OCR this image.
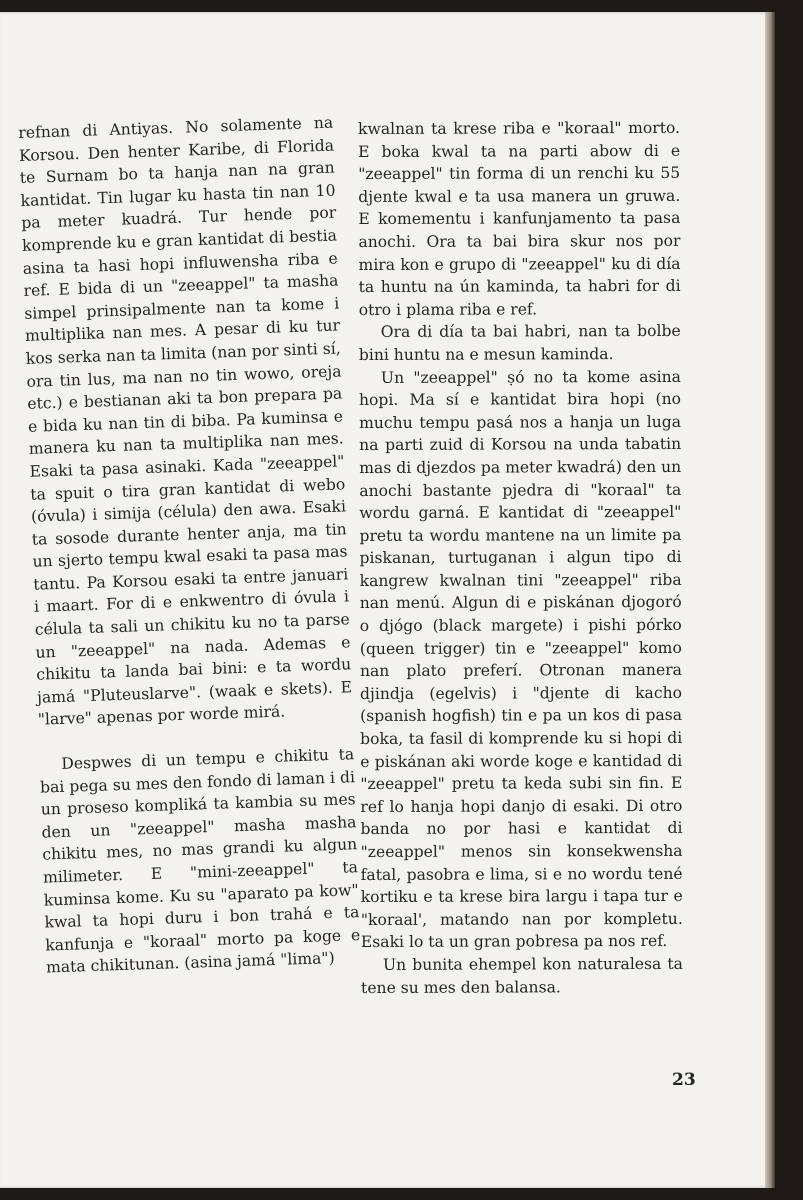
refnan di Antiyas. No solamente na Korsou. Den henter Karibe, di Florida te Surnam bo ta hanja nan na gran kantidat. Tin lugar ku hasta tin nan 10 pa meter kuadrá. Tur hende por komprende ku e gran kantidat di bestia asina ta hasi hopi influwensha riba e ref. E bida di un "zeeappel" ta masha simpel prinsipalmente nan ta kome i multiplika nan mes. A pesar di ku tur kos serka nan ta limita (nan por sinti sí, ora tin lus, ma nan no tin wowo, oreja etc.) e bestianan aki ta bon prepara pa e bida ku nan tin di biba. Pa kuminsa e manera ku nan ta multiplika nan mes. Esaki ta pasa asinaki. Kada "zeeappel" ta spuit o tira gran kantidat di webo (óvula) i simija (célula) den awa. Esaki ta sosode durante henter anja, ma tin un sjerto tempu kwal esaki ta pasa mas tantu. Pa Korsou esaki ta entre januari i maart. For di e enkwentro di óvula i célula ta sali un chikitu ku no ta parse un "zeeappel" na nada. Ademas e chikitu ta landa bai bini: e ta wordu jamá "Pluteuslarve". (waak e skets). E "larve" apenas por worde mirá.

Despwes di un tempu e chikitu ta bai pega su mes den fondo di laman i di un proseso kompliká ta kambia su mes den un "zeeappel" masha masha chikitu mes, no mas grandi ku algun milimeter. E "mini-zeeappel" ta kuminsa kome. Ku su "aparato pa kow" kwal ta hopi duru i bon trahá e ta kanfunja e "koraal" morto pa koge e mata chikitunan. (asina jamá "lima")

kwalnan ta krese riba e "koraal" morto. E boka kwal ta na parti abow di e "zeeappel" tin forma di un renchi ku 55 djente kwal e ta usa manera un gruwa. E komementu i kanfunjamento ta pasa anochi. Ora ta bai bira skur nos por mira kon e grupo di "zeeappel" ku di día ta huntu na ún kaminda, ta habri for di otro i plama riba e ref.

Ora di día ta bai habri, nan ta bolbe bini huntu na e mesun kaminda.

Un "zeeappel" ṣó no ta kome asina hopi. Ma sí e kantidat bira hopi (no muchu tempu pasá nos a hanja un luga na parti zuid di Korsou na unda tabatin mas di djezdos pa meter kwadrá) den un anochi bastante pjedra di "koraal" ta wordu garná. E kantidat di "zeeappel" pretu ta wordu mantene na un limite pa piskanan, turtuganan i algun tipo di kangrew kwalnan tini "zeeappel" riba nan menú. Algun di e piskánan djogoró o djógo (black margete) i pishi pórko (queen trigger) tin e "zeeappel" komo nan plato preferí. Otronan manera djindja (egelvis) i "djente di kacho (spanish hogfish) tin e pa un kos di pasa boka, ta fasil di komprende ku si hopi di e piskánan aki worde koge e kantidad di "zeeappel" pretu ta keda subi sin fin. E ref lo hanja hopi danjo di esaki. Di otro banda no por hasi e kantidat di "zeeappel" menos sin konsekwensha fatal, pasobra e lima, si e no wordu tené kortiku e ta krese bira largu i tapa tur e "koraal', matando nan por kompletu. Esaki lo ta un gran pobresa pa nos ref.

Un bunita ehempel kon naturalesa ta tene su mes den balansa.

23
